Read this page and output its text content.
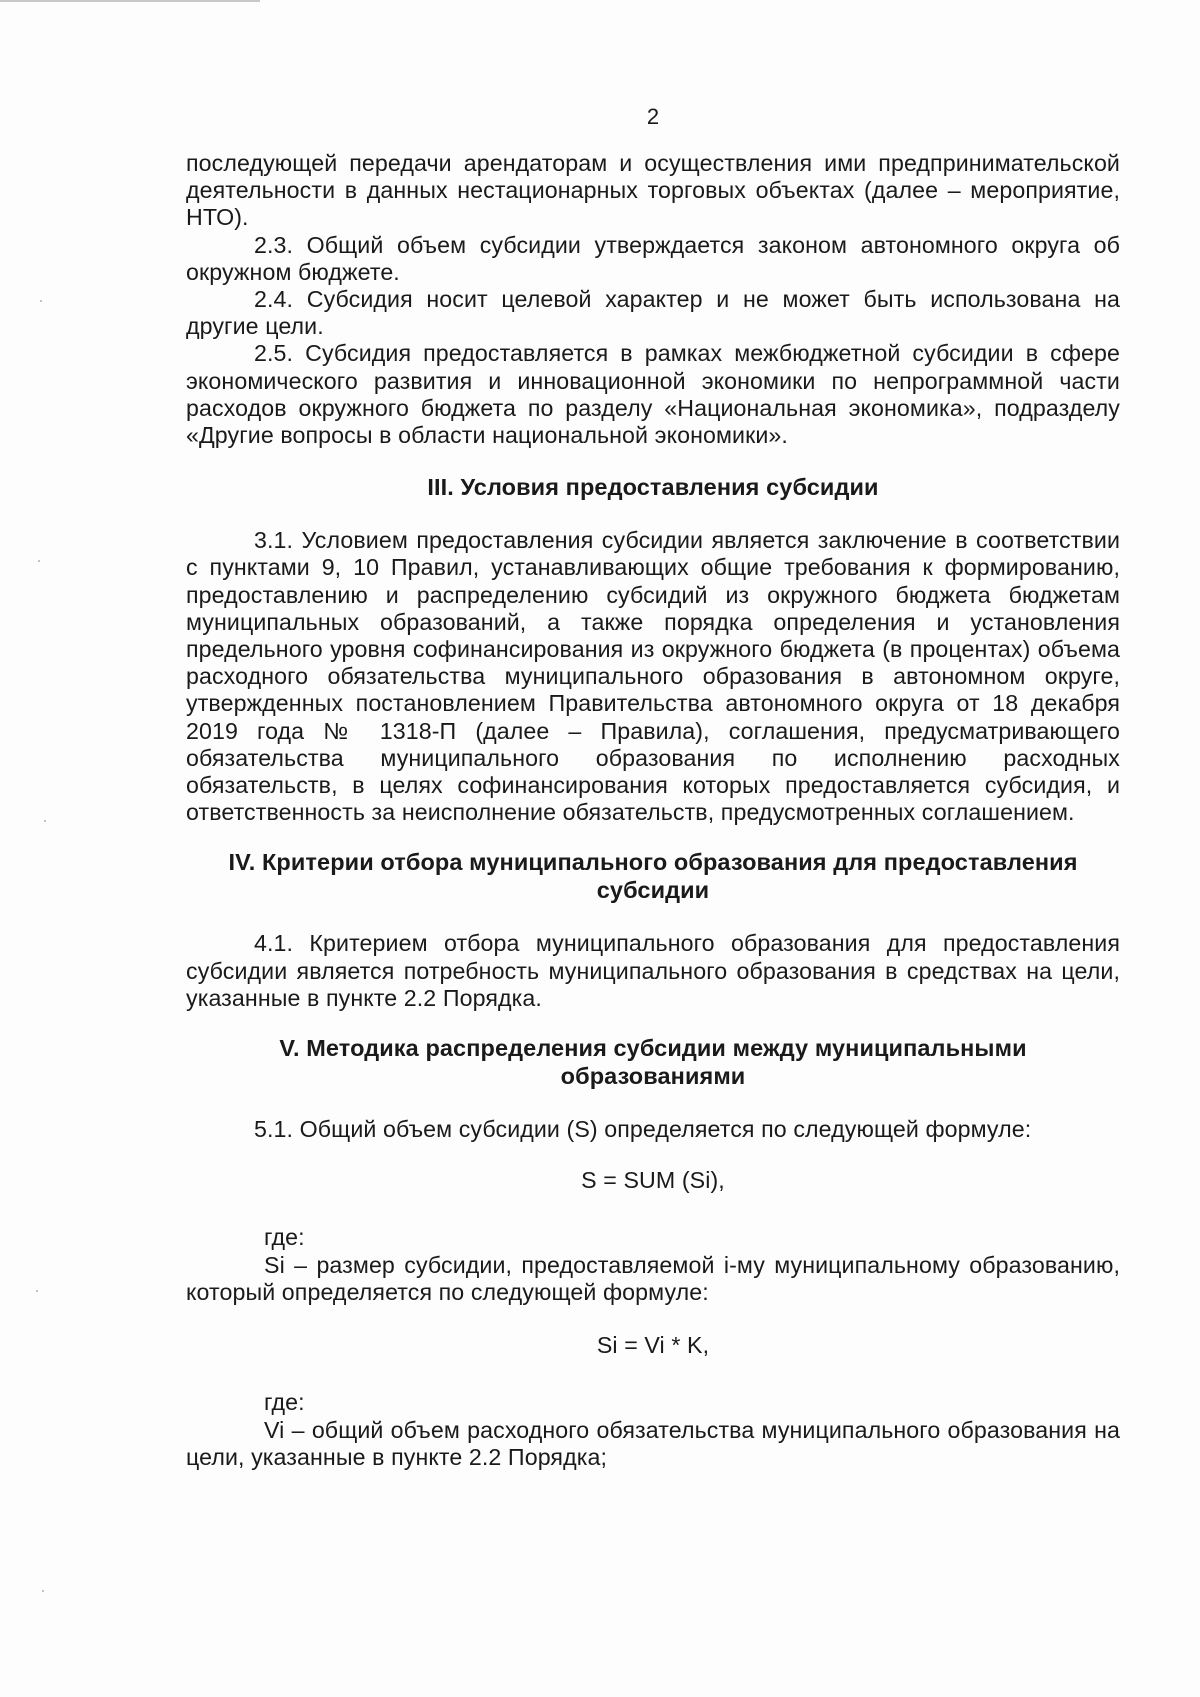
2

последующей передачи арендаторам и осуществления ими предпринимательской деятельности в данных нестационарных торговых объектах (далее – мероприятие, НТО).

2.3. Общий объем субсидии утверждается законом автономного округа об окружном бюджете.

2.4. Субсидия носит целевой характер и не может быть использована на другие цели.

2.5. Субсидия предоставляется в рамках межбюджетной субсидии в сфере экономического развития и инновационной экономики по непрограммной части расходов окружного бюджета по разделу «Национальная экономика», подразделу «Другие вопросы в области национальной экономики».

III. Условия предоставления субсидии

3.1. Условием предоставления субсидии является заключение в соответствии с пунктами 9, 10 Правил, устанавливающих общие требования к формированию, предоставлению и распределению субсидий из окружного бюджета бюджетам муниципальных образований, а также порядка определения и установления предельного уровня софинансирования из окружного бюджета (в процентах) объема расходного обязательства муниципального образования в автономном округе, утвержденных постановлением Правительства автономного округа от 18 декабря 2019 года № 1318-П (далее – Правила), соглашения, предусматривающего обязательства муниципального образования по исполнению расходных обязательств, в целях софинансирования которых предоставляется субсидия, и ответственность за неисполнение обязательств, предусмотренных соглашением.

IV. Критерии отбора муниципального образования для предоставления субсидии

4.1. Критерием отбора муниципального образования для предоставления субсидии является потребность муниципального образования в средствах на цели, указанные в пункте 2.2 Порядка.

V. Методика распределения субсидии между муниципальными образованиями

5.1. Общий объем субсидии (S) определяется по следующей формуле:

S = SUM (Si),

где:

Si – размер субсидии, предоставляемой i-му муниципальному образованию, который определяется по следующей формуле:

Si = Vi * K,

где:

Vi – общий объем расходного обязательства муниципального образования на цели, указанные в пункте 2.2 Порядка;
